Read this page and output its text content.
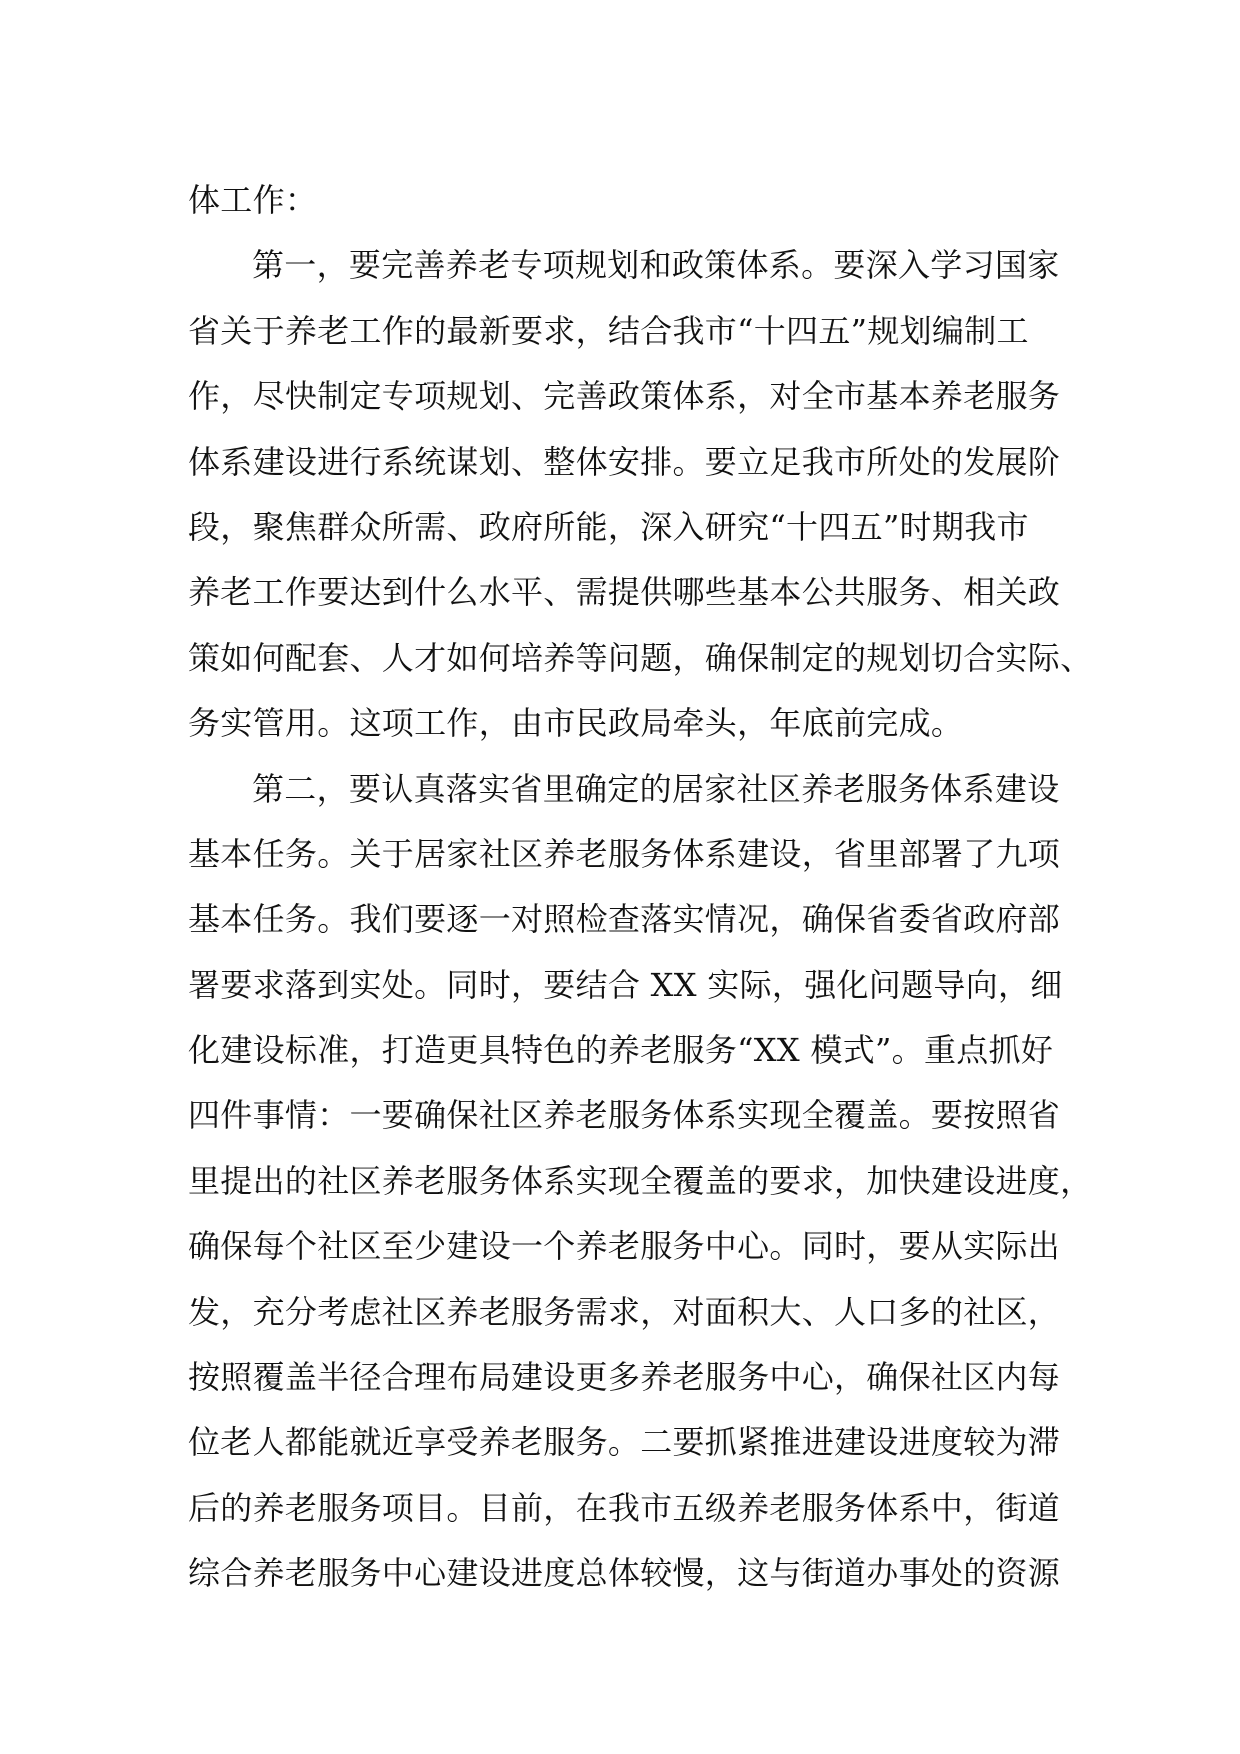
体工作：
第一，要完善养老专项规划和政策体系。要深入学习国家
省关于养老工作的最新要求，结合我市“十四五”规划编制工
作，尽快制定专项规划、完善政策体系，对全市基本养老服务
体系建设进行系统谋划、整体安排。要立足我市所处的发展阶
段，聚焦群众所需、政府所能，深入研究“十四五”时期我市
养老工作要达到什么水平、需提供哪些基本公共服务、相关政
策如何配套、人才如何培养等问题，确保制定的规划切合实际、
务实管用。这项工作，由市民政局牵头，年底前完成。
第二，要认真落实省里确定的居家社区养老服务体系建设
基本任务。关于居家社区养老服务体系建设，省里部署了九项
基本任务。我们要逐一对照检查落实情况，确保省委省政府部
署要求落到实处。同时，要结合 XX 实际，强化问题导向，细
化建设标准，打造更具特色的养老服务“XX 模式”。重点抓好
四件事情：一要确保社区养老服务体系实现全覆盖。要按照省
里提出的社区养老服务体系实现全覆盖的要求，加快建设进度，
确保每个社区至少建设一个养老服务中心。同时，要从实际出
发，充分考虑社区养老服务需求，对面积大、人口多的社区，
按照覆盖半径合理布局建设更多养老服务中心，确保社区内每
位老人都能就近享受养老服务。二要抓紧推进建设进度较为滞
后的养老服务项目。目前，在我市五级养老服务体系中，街道
综合养老服务中心建设进度总体较慢，这与街道办事处的资源
